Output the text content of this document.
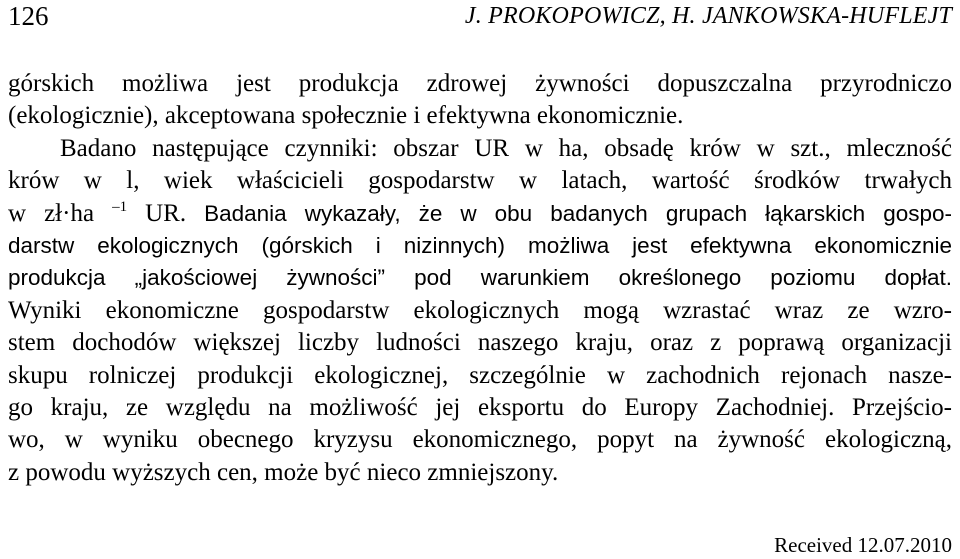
126	J. PROKOPOWICZ, H. JANKOWSKA-HUFLEJT
górskich możliwa jest produkcja zdrowej żywności dopuszczalna przyrodniczo
(ekologicznie), akceptowana społecznie i efektywna ekonomicznie.
Badano następujące czynniki: obszar UR w ha, obsadę krów w szt., mleczność
krów w l, wiek właścicieli gospodarstw w latach, wartość środków trwałych
w zł·ha $^{-1}$ UR. Badania wykazały, że w obu badanych grupach łąkarskich gospo-
darstw ekologicznych (górskich i nizinnych) możliwa jest efektywna ekonomicznie
produkcja „jakościowej żywności” pod warunkiem określonego poziomu dopłat.
Wyniki ekonomiczne gospodarstw ekologicznych mogą wzrastać wraz ze wzro-
stem dochodów większej liczby ludności naszego kraju, oraz z poprawą organizacji
skupu rolniczej produkcji ekologicznej, szczególnie w zachodnich rejonach nasze-
go kraju, ze względu na możliwość jej eksportu do Europy Zachodniej. Przejścio-
wo, w wyniku obecnego kryzysu ekonomicznego, popyt na żywność ekologiczną,
z powodu wyższych cen, może być nieco zmniejszony.
Received 12.07.2010
